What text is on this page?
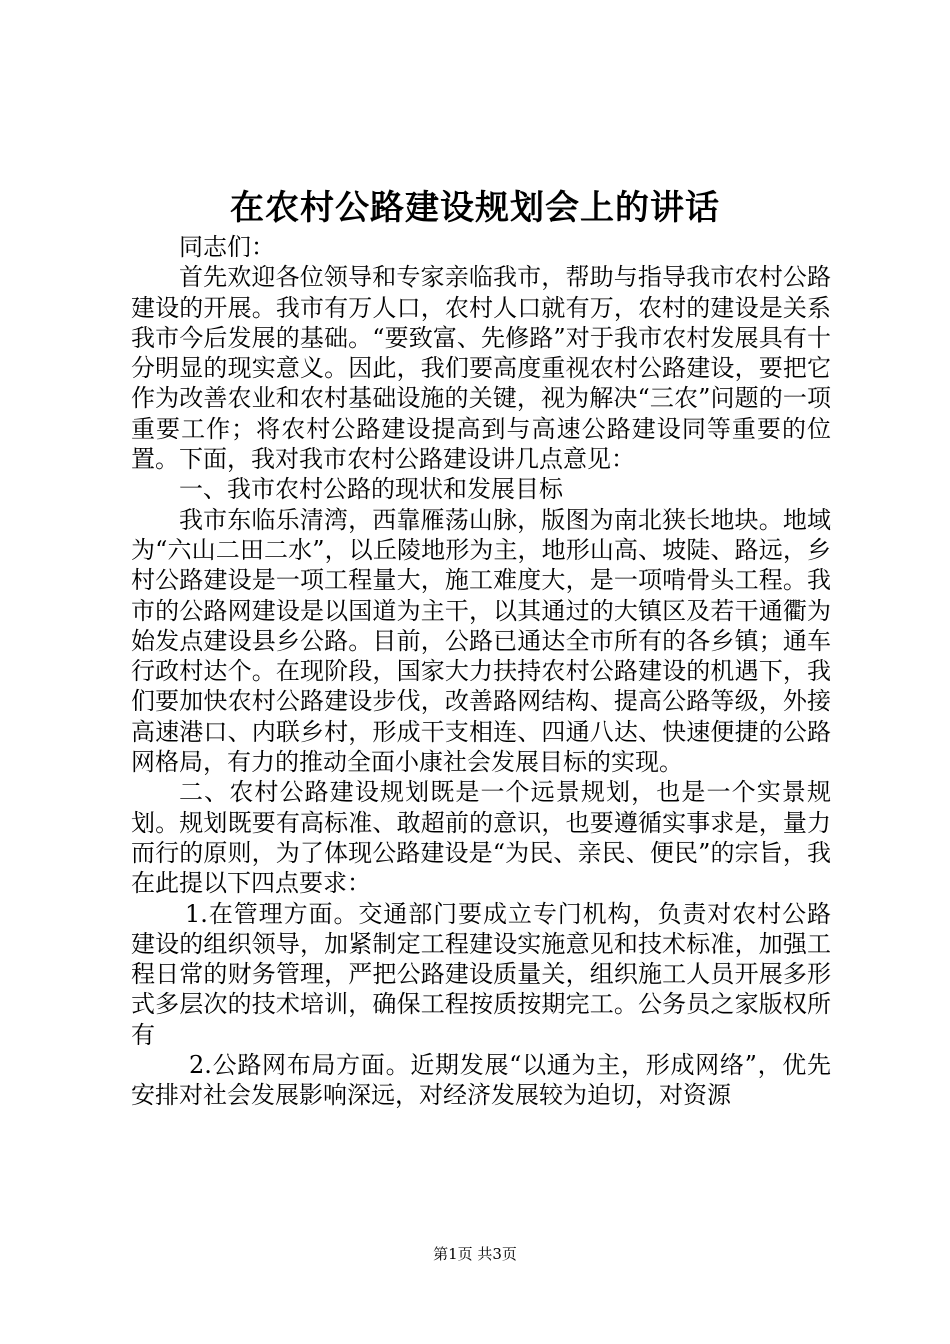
在农村公路建设规划会上的讲话

同志们：

首先欢迎各位领导和专家亲临我市，帮助与指导我市农村公路建设的开展。我市有万人口，农村人口就有万，农村的建设是关系我市今后发展的基础。“要致富、先修路”对于我市农村发展具有十分明显的现实意义。因此，我们要高度重视农村公路建设，要把它作为改善农业和农村基础设施的关键，视为解决“三农”问题的一项重要工作；将农村公路建设提高到与高速公路建设同等重要的位置。下面，我对我市农村公路建设讲几点意见：

一、我市农村公路的现状和发展目标

我市东临乐清湾，西靠雁荡山脉，版图为南北狭长地块。地域为“六山二田二水”，以丘陵地形为主，地形山高、坡陡、路远，乡村公路建设是一项工程量大，施工难度大，是一项啃骨头工程。我市的公路网建设是以国道为主干，以其通过的大镇区及若干通衢为始发点建设县乡公路。目前，公路已通达全市所有的各乡镇；通车行政村达个。在现阶段，国家大力扶持农村公路建设的机遇下，我们要加快农村公路建设步伐，改善路网结构、提高公路等级，外接高速港口、内联乡村，形成干支相连、四通八达、快速便捷的公路网格局，有力的推动全面小康社会发展目标的实现。

二、农村公路建设规划既是一个远景规划，也是一个实景规划。规划既要有高标准、敢超前的意识，也要遵循实事求是，量力而行的原则，为了体现公路建设是“为民、亲民、便民”的宗旨，我在此提以下四点要求：

1.在管理方面。交通部门要成立专门机构，负责对农村公路建设的组织领导，加紧制定工程建设实施意见和技术标准，加强工程日常的财务管理，严把公路建设质量关，组织施工人员开展多形式多层次的技术培训，确保工程按质按期完工。公务员之家版权所有

2.公路网布局方面。近期发展“以通为主，形成网络”，优先安排对社会发展影响深远，对经济发展较为迫切，对资源

第1页 共3页
